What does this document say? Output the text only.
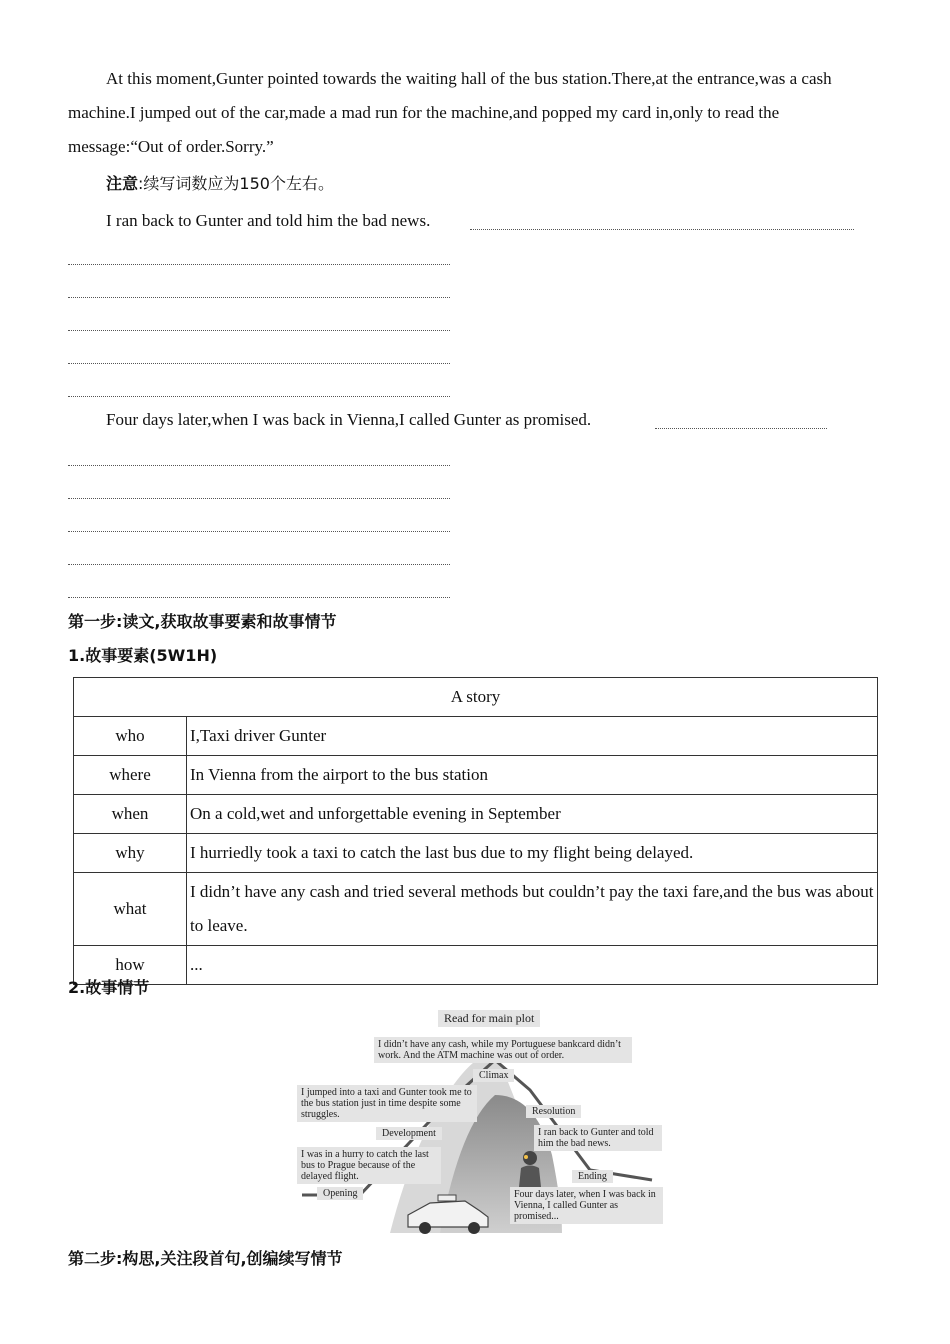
At this moment,Gunter pointed towards the waiting hall of the bus station.There,at the entrance,was a cash machine.I jumped out of the car,made a mad run for the machine,and popped my card in,only to read the message:“Out of order.Sorry.”
注意:续写词数应为150个左右。
I ran back to Gunter and told him the bad news.
Four days later,when I was back in Vienna,I called Gunter as promised.
第一步:读文,获取故事要素和故事情节
1.故事要素(5W1H)
A story	
who	I,Taxi driver Gunter
where	In Vienna from the airport to the bus station
when	On a cold,wet and unforgettable evening in September
why	I hurriedly took a taxi to catch the last bus due to my flight being delayed.
what	I didn’t have any cash and tried several methods but couldn’t pay the taxi fare,and the bus was about to leave.
how	...
2.故事情节
Read for main plot
I didn’t have any cash, while my Portuguese bankcard didn’t work. And the ATM machine was out of order.
Climax
I jumped into a taxi and Gunter took me to the bus station just in time despite some struggles.
Development
I was in a hurry to catch the last bus to Prague because of the delayed flight.
Opening
Resolution
I ran back to Gunter and told him the bad news.
Ending
Four days later, when I was back in Vienna, I called Gunter as promised...
第二步:构思,关注段首句,创编续写情节
